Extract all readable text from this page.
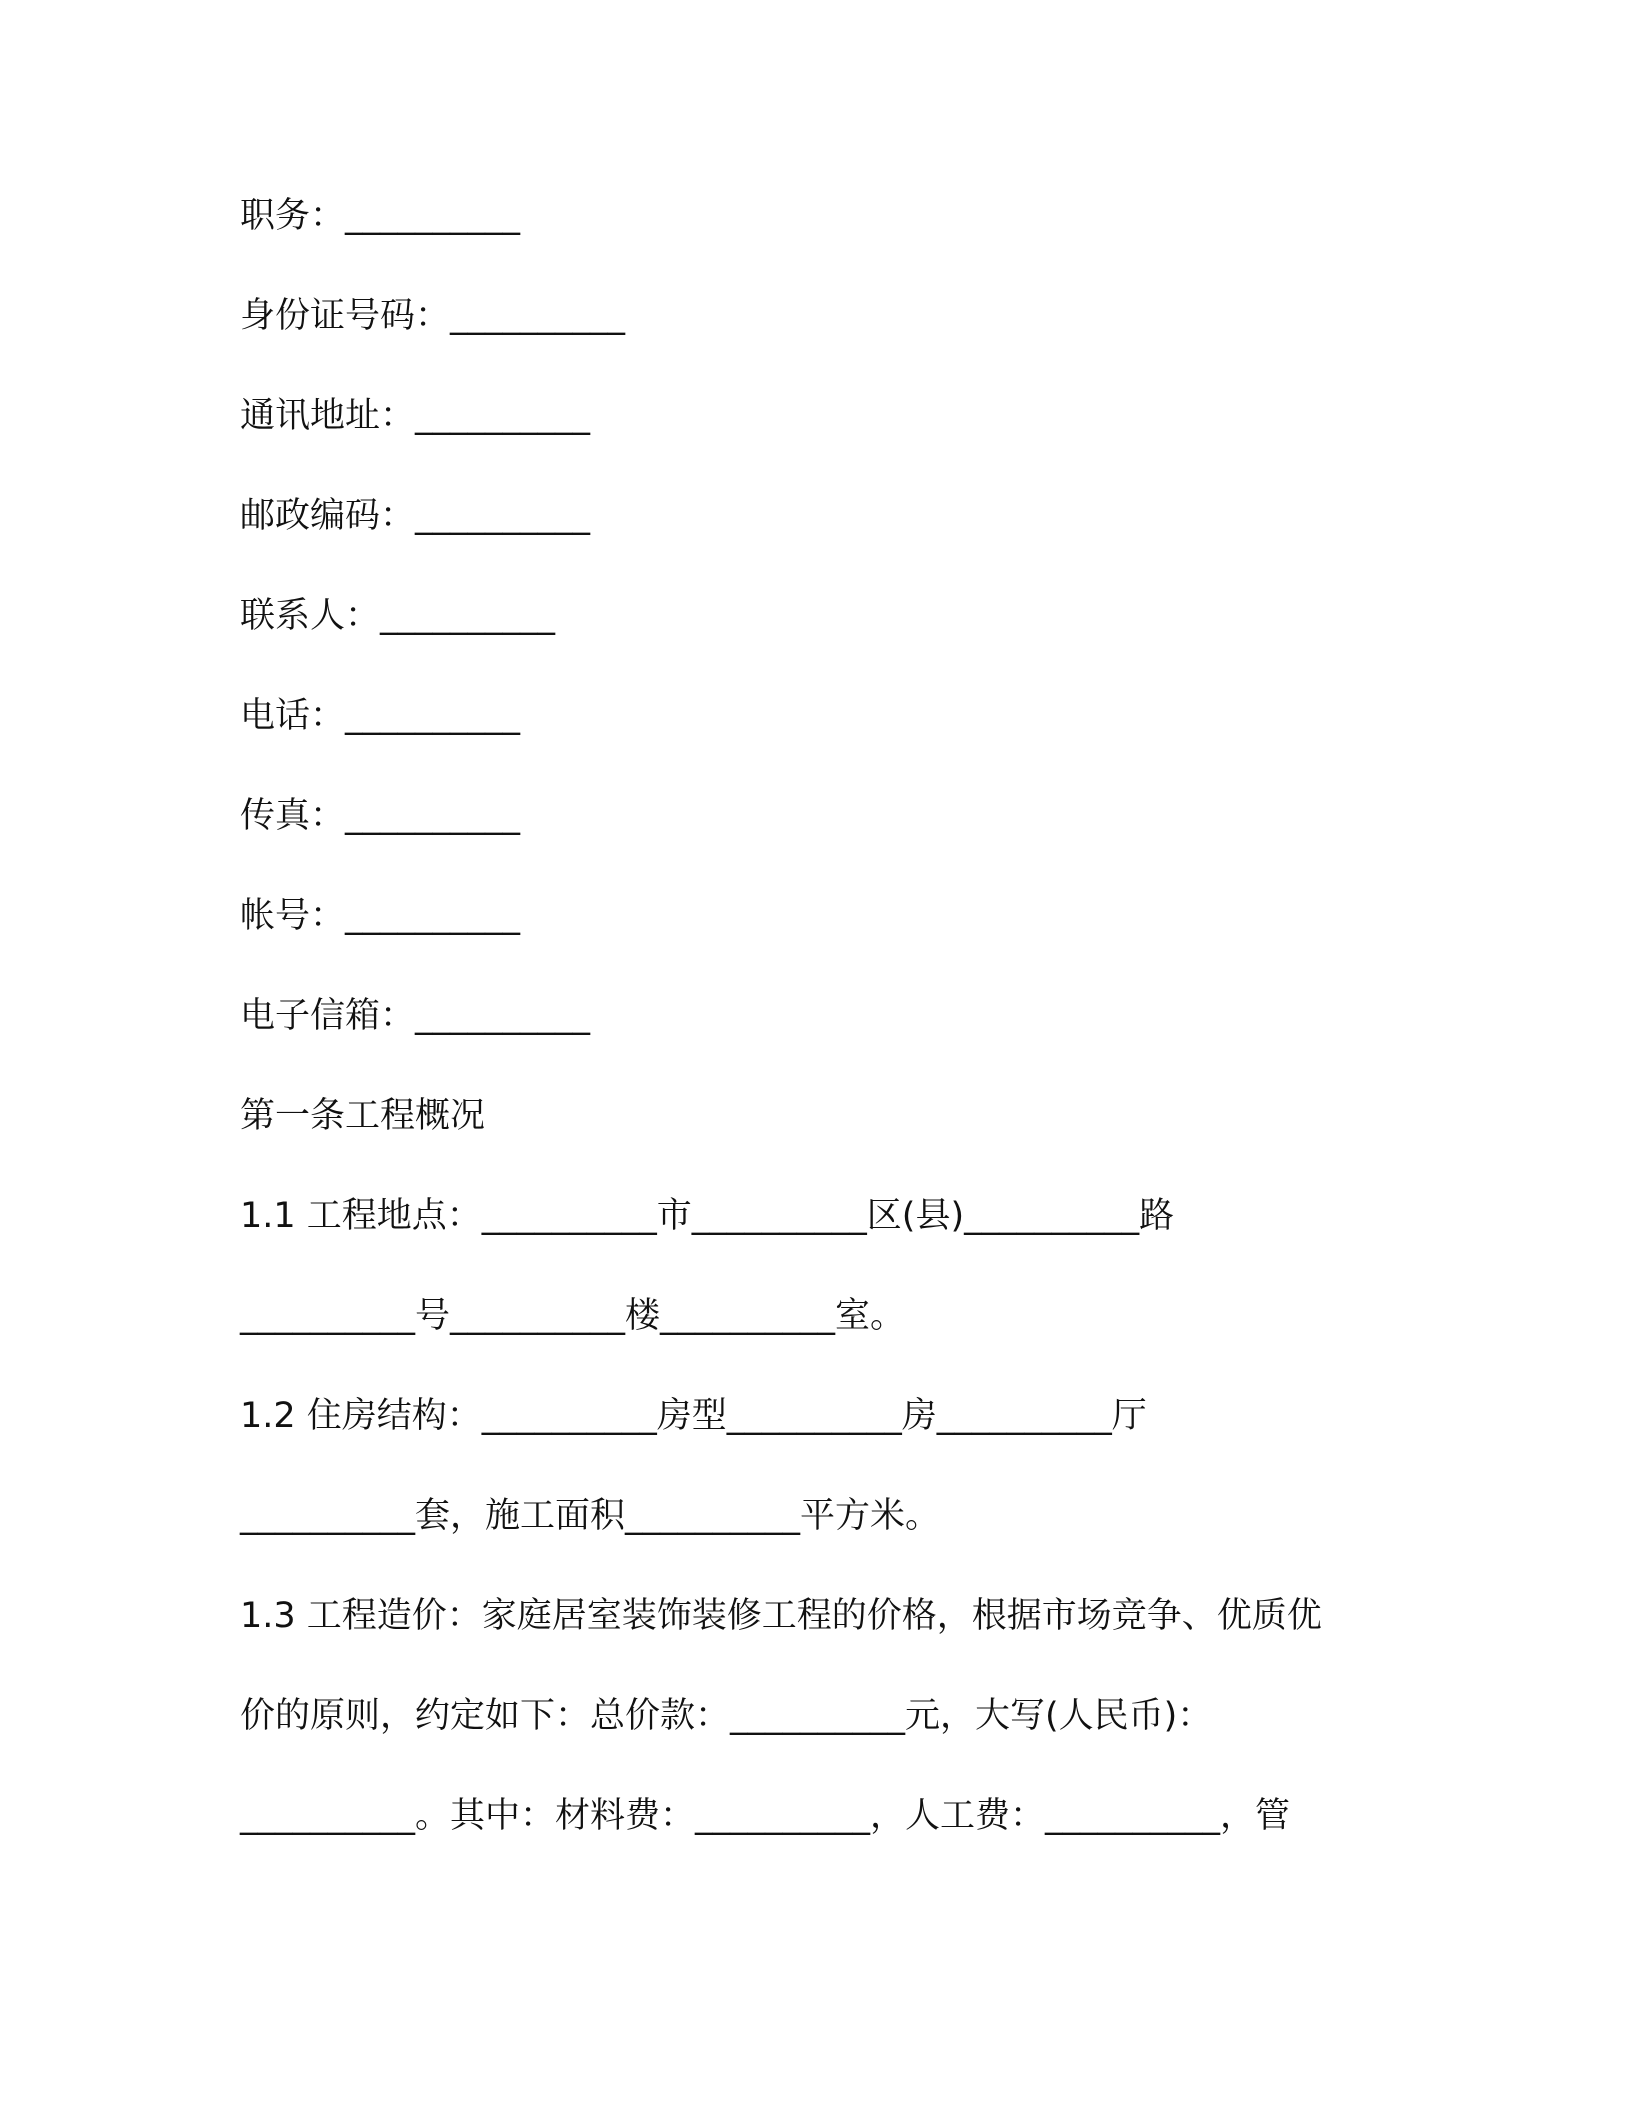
职务：__________
身份证号码：__________
通讯地址：__________
邮政编码：__________
联系人：__________
电话：__________
传真：__________
帐号：__________
电子信箱：__________
第一条工程概况
1.1 工程地点：__________市__________区(县)__________路
__________号__________楼__________室。
1.2 住房结构：__________房型__________房__________厅
__________套，施工面积__________平方米。
1.3 工程造价：家庭居室装饰装修工程的价格，根据市场竞争、优质优
价的原则，约定如下：总价款：__________元，大写(人民币)：
__________。其中：材料费：__________，人工费：__________，管
